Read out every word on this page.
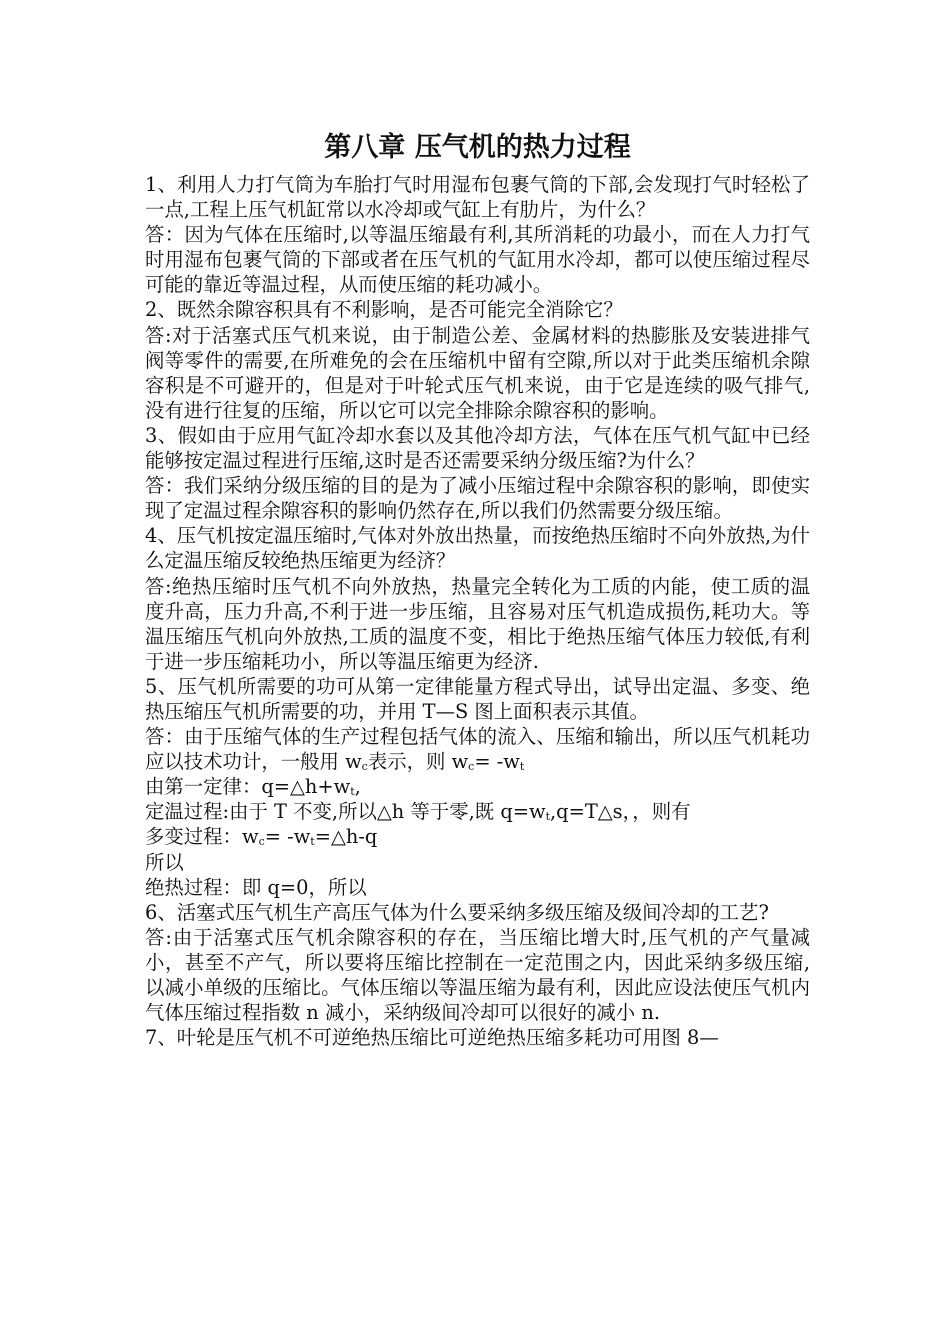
第八章 压气机的热力过程

1、利用人力打气筒为车胎打气时用湿布包裹气筒的下部,会发现打气时轻松了一点,工程上压气机缸常以水冷却或气缸上有肋片，为什么？

答：因为气体在压缩时,以等温压缩最有利,其所消耗的功最小，而在人力打气时用湿布包裹气筒的下部或者在压气机的气缸用水冷却，都可以使压缩过程尽可能的靠近等温过程，从而使压缩的耗功减小。

2、既然余隙容积具有不利影响，是否可能完全消除它？

答:对于活塞式压气机来说，由于制造公差、金属材料的热膨胀及安装进排气阀等零件的需要,在所难免的会在压缩机中留有空隙,所以对于此类压缩机余隙容积是不可避开的，但是对于叶轮式压气机来说，由于它是连续的吸气排气,没有进行往复的压缩，所以它可以完全排除余隙容积的影响。

3、假如由于应用气缸冷却水套以及其他冷却方法，气体在压气机气缸中已经能够按定温过程进行压缩,这时是否还需要采纳分级压缩?为什么？

答：我们采纳分级压缩的目的是为了减小压缩过程中余隙容积的影响，即使实现了定温过程余隙容积的影响仍然存在,所以我们仍然需要分级压缩。

4、压气机按定温压缩时,气体对外放出热量，而按绝热压缩时不向外放热,为什么定温压缩反较绝热压缩更为经济？

答:绝热压缩时压气机不向外放热，热量完全转化为工质的内能，使工质的温度升高，压力升高,不利于进一步压缩，且容易对压气机造成损伤,耗功大。等温压缩压气机向外放热,工质的温度不变，相比于绝热压缩气体压力较低,有利于进一步压缩耗功小，所以等温压缩更为经济.

5、压气机所需要的功可从第一定律能量方程式导出，试导出定温、多变、绝热压缩压气机所需要的功，并用 T—S 图上面积表示其值。

答：由于压缩气体的生产过程包括气体的流入、压缩和输出，所以压气机耗功应以技术功计，一般用 $w_c$表示，则 $w_c= -w_t$

由第一定律：$q=\triangle h+w_t$,

定温过程:由于 T 不变,所以△h 等于零,既 $q=w_t,q=T\triangle s$，，则有

多变过程：$w_c=$ $-w_t=\triangle h-q$

所以

绝热过程：即 q=0，所以

6、活塞式压气机生产高压气体为什么要采纳多级压缩及级间冷却的工艺?

答:由于活塞式压气机余隙容积的存在，当压缩比增大时,压气机的产气量减小，甚至不产气，所以要将压缩比控制在一定范围之内，因此采纳多级压缩,以减小单级的压缩比。气体压缩以等温压缩为最有利，因此应设法使压气机内气体压缩过程指数 n 减小，采纳级间冷却可以很好的减小 n.

7、叶轮是压气机不可逆绝热压缩比可逆绝热压缩多耗功可用图 8—
